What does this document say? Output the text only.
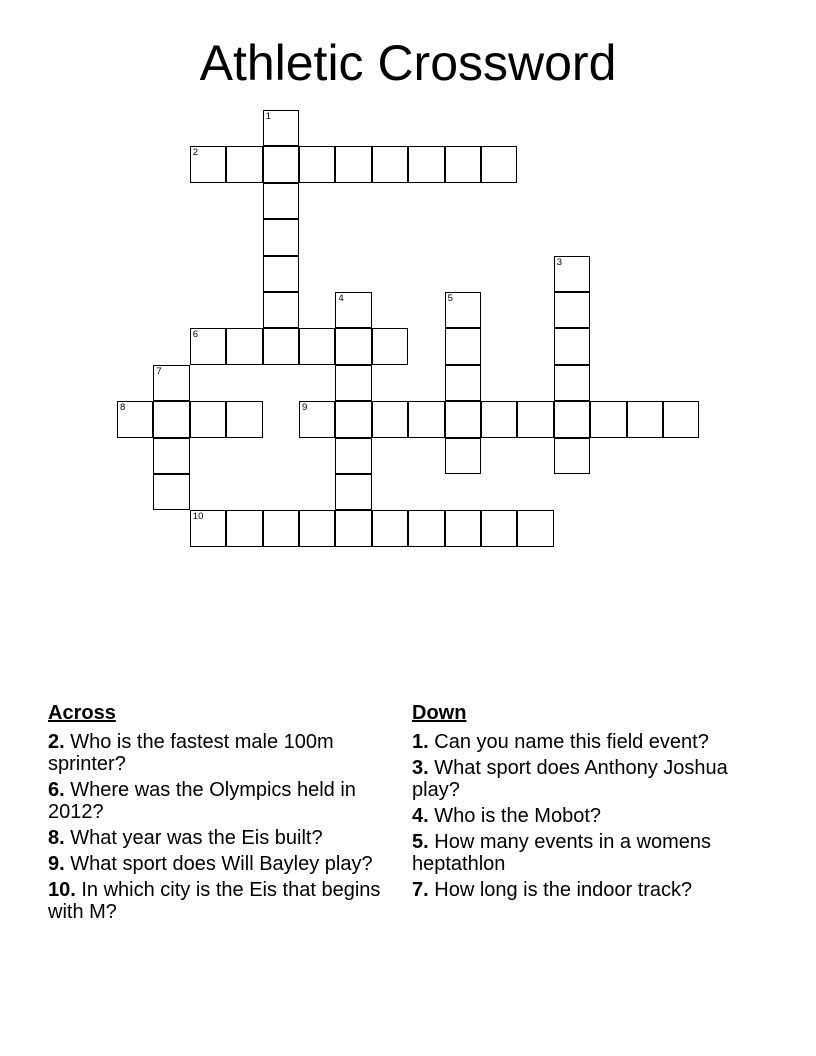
Athletic Crossword
1
2
3
4	5
6
7
8	9
10
Across
2. Who is the fastest male 100m sprinter?
6. Where was the Olympics held in 2012?
8. What year was the Eis built?
9. What sport does Will Bayley play?
10. In which city is the Eis that begins with M?
Down
1. Can you name this field event?
3. What sport does Anthony Joshua play?
4. Who is the Mobot?
5. How many events in a womens heptathlon
7. How long is the indoor track?
